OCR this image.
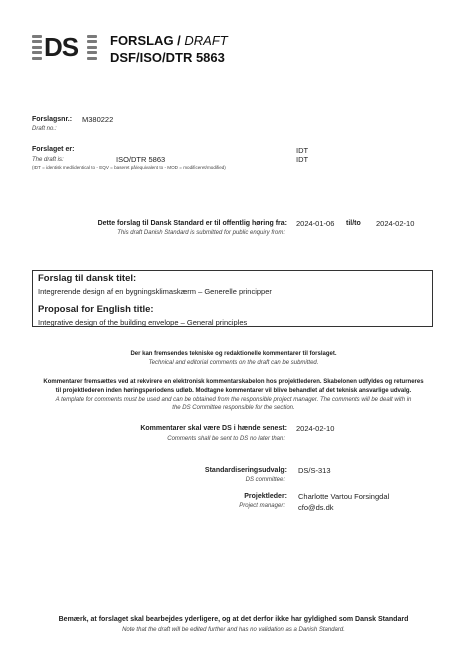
DS FORSLAG / DRAFT
DSF/ISO/DTR 5863
Forslagsnr.: M380222
Draft no.:
Forslaget er:	IDT
The draft is:	ISO/DTR 5863	IDT
(IDT = identisk med/identical to - EQV = baseret på/equivalent to - MOD = modificeret/modified)
Dette forslag til Dansk Standard er til offentlig høring fra: 2024-01-06 til/to 2024-02-10
This draft Danish Standard is submitted for public enquiry from:
Forslag til dansk titel:
Integrerende design af en bygningsklimaskærm – Generelle principper
Proposal for English title:
Integrative design of the building envelope – General principles
Der kan fremsendes tekniske og redaktionelle kommentarer til forslaget.
Technical and editorial comments on the draft can be submitted.
Kommentarer fremsættes ved at rekvirere en elektronisk kommentarskabelon hos projektlederen. Skabelonen udfyldes og returneres
til projektlederen inden høringsperiodens udløb. Modtagne kommentarer vil blive behandlet af det teknisk ansvarlige udvalg.
A template for comments must be used and can be obtained from the responsible project manager. The comments will be dealt with in
the DS Committee responsible for the section.
Kommentarer skal være DS i hænde senest: 2024-02-10
Comments shall be sent to DS no later than:
Standardiseringsudvalg: DS/S-313
DS committee:
Projektleder: Charlotte Vartou Forsingdal
Project manager: cfo@ds.dk
Bemærk, at forslaget skal bearbejdes yderligere, og at det derfor ikke har gyldighed som Dansk Standard
Note that the draft will be edited further and has no validation as a Danish Standard.
